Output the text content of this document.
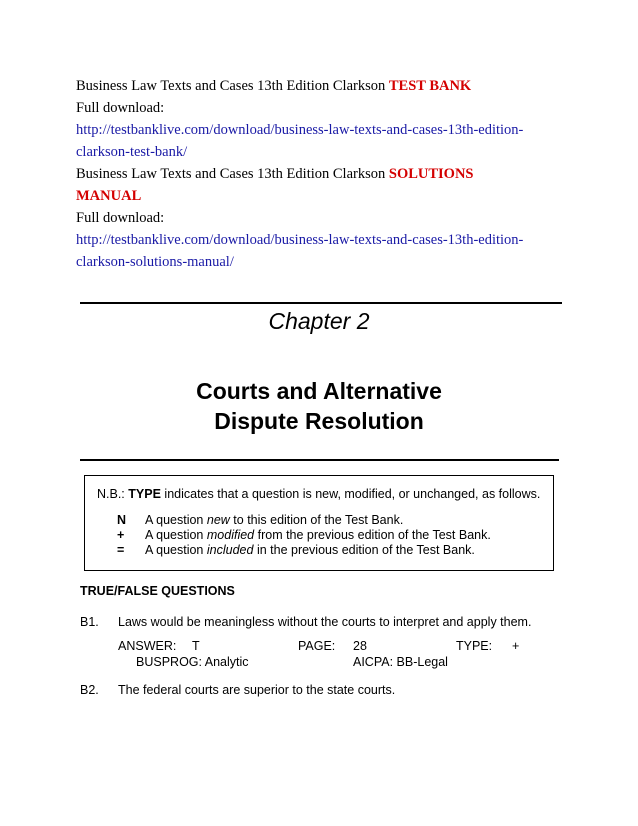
Business Law Texts and Cases 13th Edition Clarkson TEST BANK
Full download:
http://testbanklive.com/download/business-law-texts-and-cases-13th-edition-
clarkson-test-bank/
Business Law Texts and Cases 13th Edition Clarkson SOLUTIONS
MANUAL
Full download:
http://testbanklive.com/download/business-law-texts-and-cases-13th-edition-
clarkson-solutions-manual/
Chapter 2
Courts and Alternative
Dispute Resolution
N.B.: TYPE indicates that a question is new, modified, or unchanged, as follows.
N A question new to this edition of the Test Bank.
+ A question modified from the previous edition of the Test Bank.
= A question included in the previous edition of the Test Bank.
TRUE/FALSE QUESTIONS
B1. Laws would be meaningless without the courts to interpret and apply them.
ANSWER: T	PAGE: 28	TYPE: +
BUSPROG: Analytic	AICPA: BB-Legal
B2. The federal courts are superior to the state courts.
